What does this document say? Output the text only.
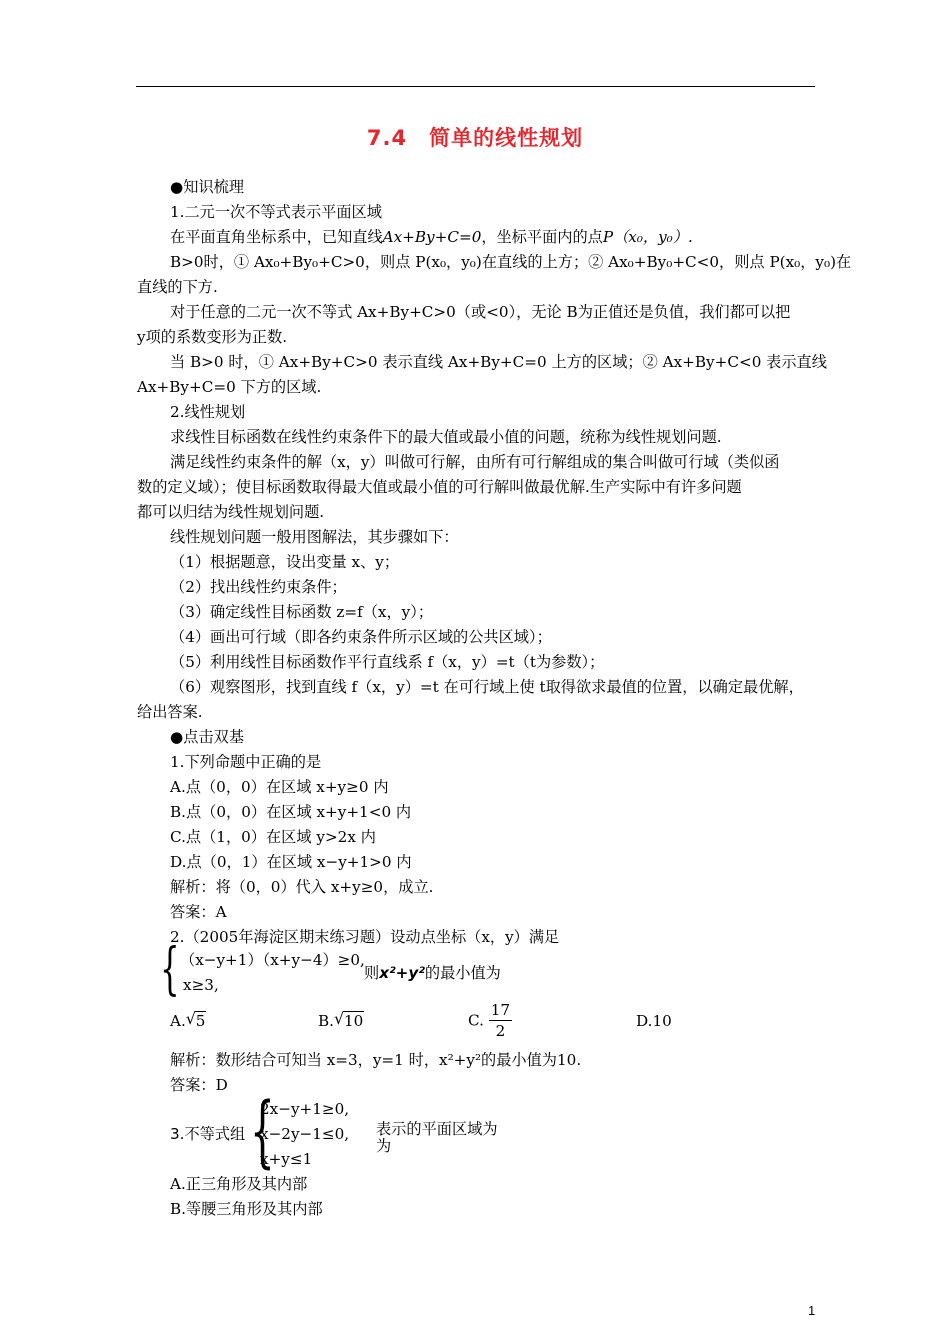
7.4　简单的线性规划
●知识梳理
1.二元一次不等式表示平面区域
在平面直角坐标系中，已知直线Ax+By+C=0，坐标平面内的点P（x₀，y₀）.
B>0时，① Ax₀+By₀+C>0，则点 P(x₀，y₀)在直线的上方；② Ax₀+By₀+C<0，则点 P(x₀，y₀)在
直线的下方.
对于任意的二元一次不等式 Ax+By+C>0（或<0），无论 B为正值还是负值，我们都可以把
y项的系数变形为正数.
当 B>0 时，① Ax+By+C>0 表示直线 Ax+By+C=0 上方的区域；② Ax+By+C<0 表示直线
Ax+By+C=0 下方的区域.
2.线性规划
求线性目标函数在线性约束条件下的最大值或最小值的问题，统称为线性规划问题.
满足线性约束条件的解（x，y）叫做可行解，由所有可行解组成的集合叫做可行域（类似函
数的定义域）；使目标函数取得最大值或最小值的可行解叫做最优解.生产实际中有许多问题
都可以归结为线性规划问题.
线性规划问题一般用图解法，其步骤如下：
（1）根据题意，设出变量 x、y；
（2）找出线性约束条件；
（3）确定线性目标函数 z=f（x，y）；
（4）画出可行域（即各约束条件所示区域的公共区域）；
（5）利用线性目标函数作平行直线系 f（x，y）=t（t为参数）；
（6）观察图形，找到直线 f（x，y）=t 在可行域上使 t取得欲求最值的位置，以确定最优解，
给出答案.
●点击双基
1.下列命题中正确的是
A.点（0，0）在区域 x+y≥0 内
B.点（0，0）在区域 x+y+1<0 内
C.点（1，0）在区域 y>2x 内
D.点（0，1）在区域 x−y+1>0 内
解析：将（0，0）代入 x+y≥0，成立.
答案：A
2.（2005年海淀区期末练习题）设动点坐标（x，y）满足
{ （x−y+1）（x+y−4）≥0,
x≥3,
则x²+y²的最小值为
A. √ 5	B. √ 10	C. $\frac{17}{2}$	D.10
解析：数形结合可知当 x=3，y=1 时，x²+y²的最小值为10.
答案：D
3.不等式组 {
2x−y+1≥0,
x−2y−1≤0,
x+y≤1
表示的平面区域为
为
A.正三角形及其内部
B.等腰三角形及其内部
1
